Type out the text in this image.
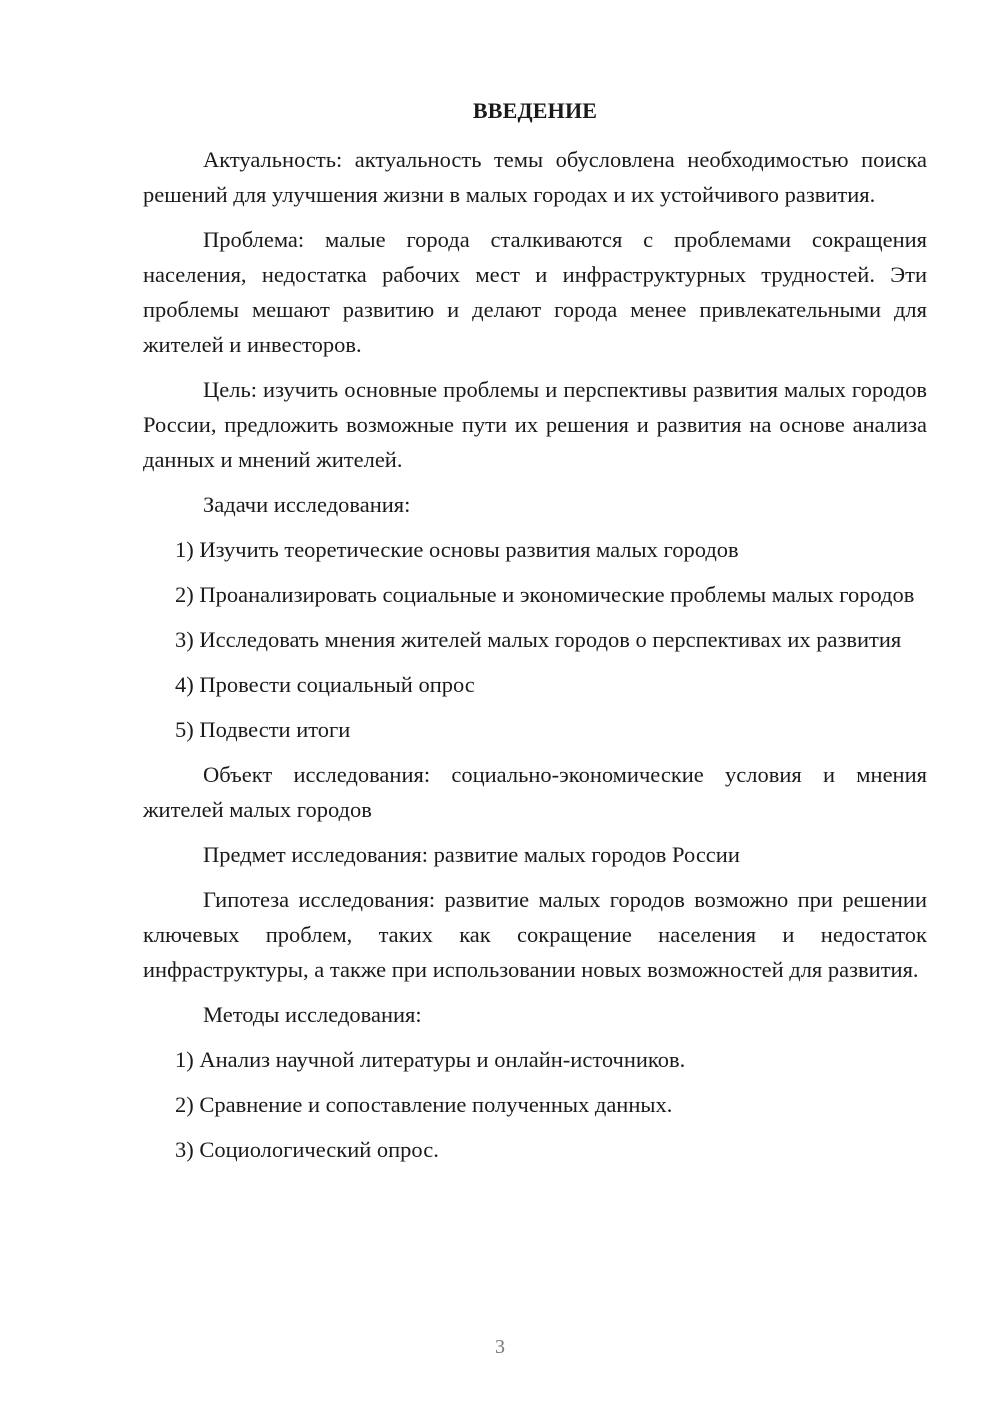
ВВЕДЕНИЕ

Актуальность: актуальность темы обусловлена необходимостью поиска решений для улучшения жизни в малых городах и их устойчивого развития.

Проблема: малые города сталкиваются с проблемами сокращения населения, недостатка рабочих мест и инфраструктурных трудностей. Эти проблемы мешают развитию и делают города менее привлекательными для жителей и инвесторов.

Цель: изучить основные проблемы и перспективы развития малых городов России, предложить возможные пути их решения и развития на основе анализа данных и мнений жителей.

Задачи исследования:

1) Изучить теоретические основы развития малых городов

2) Проанализировать социальные и экономические проблемы малых городов

3) Исследовать мнения жителей малых городов о перспективах их развития

4) Провести социальный опрос

5) Подвести итоги

Объект исследования: социально-экономические условия и мнения жителей малых городов

Предмет исследования: развитие малых городов России

Гипотеза исследования: развитие малых городов возможно при решении ключевых проблем, таких как сокращение населения и недостаток инфраструктуры, а также при использовании новых возможностей для развития.

Методы исследования:

1) Анализ научной литературы и онлайн-источников.

2) Сравнение и сопоставление полученных данных.

3) Социологический опрос.

3
